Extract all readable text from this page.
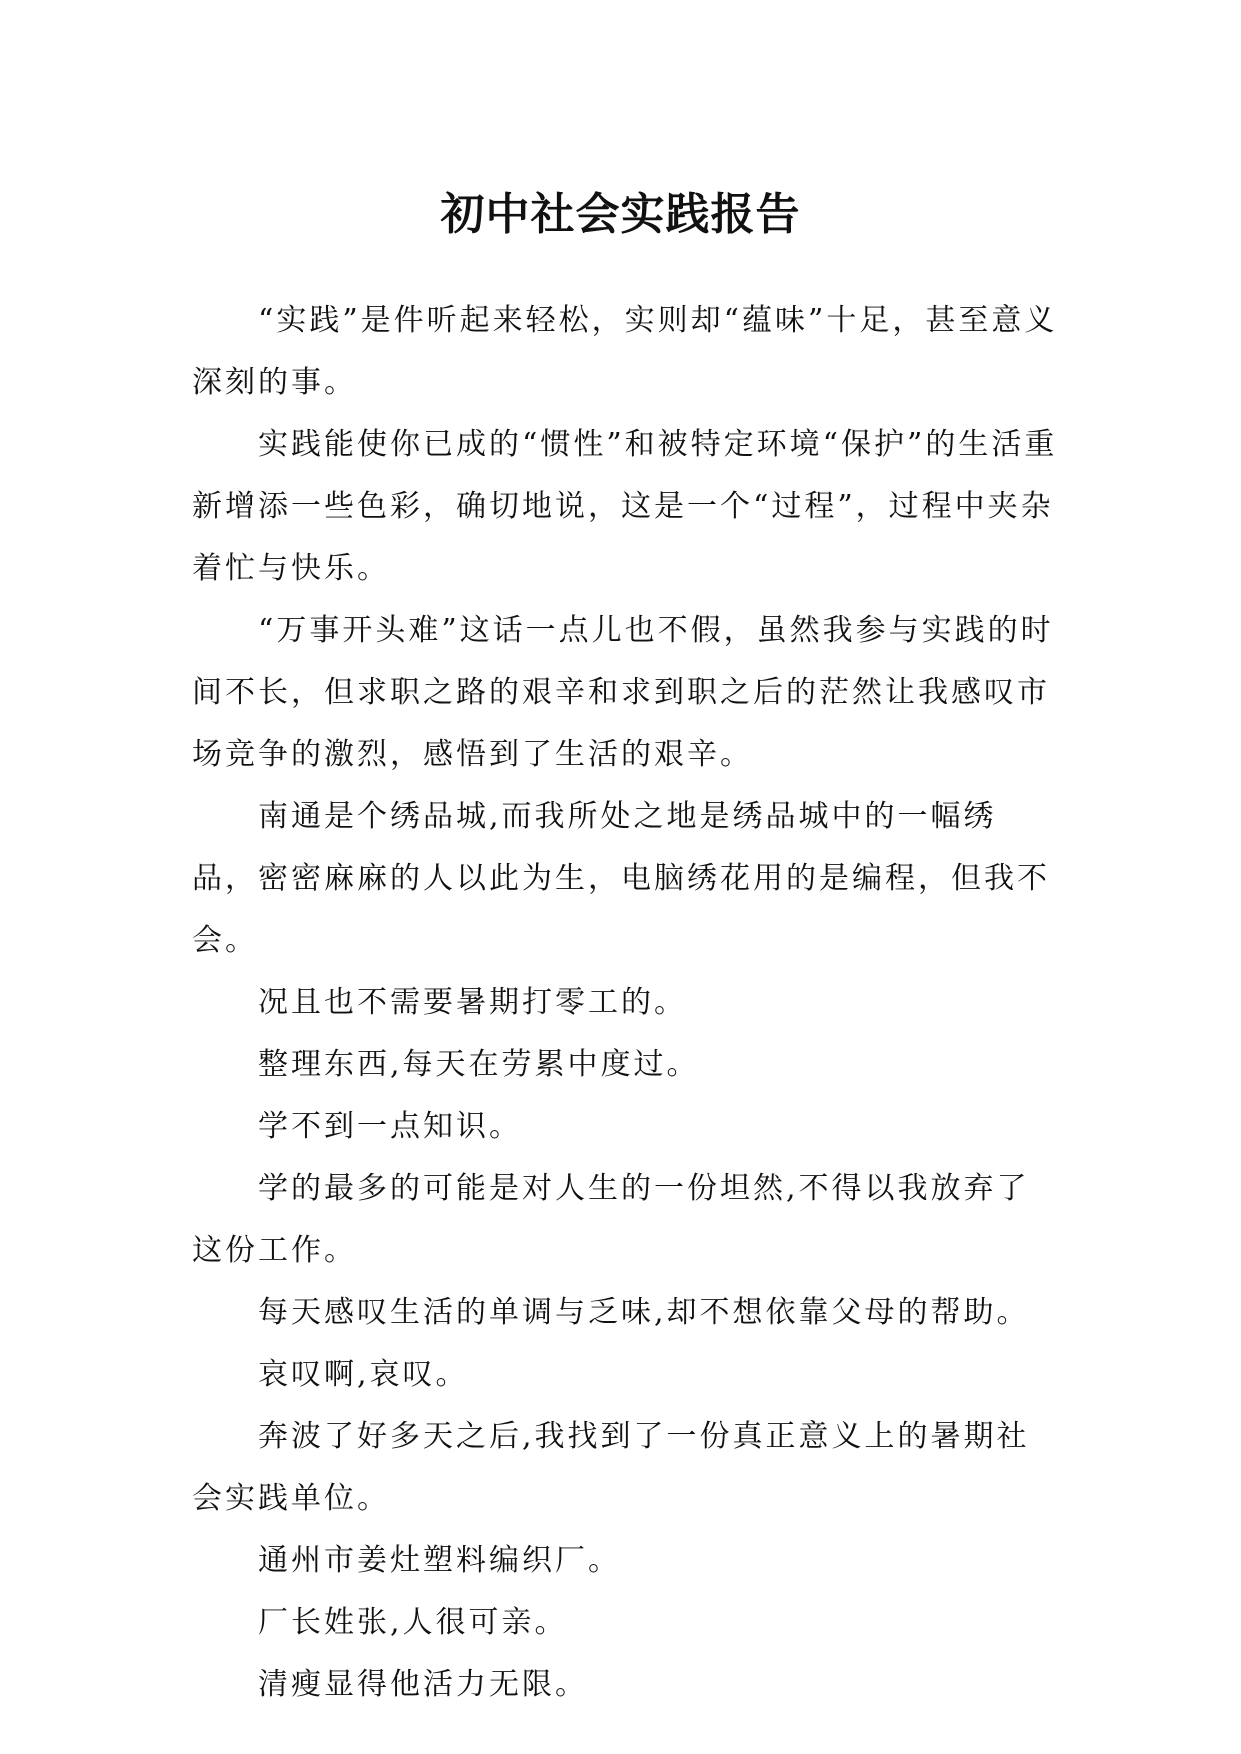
初中社会实践报告

“实践”是件听起来轻松，实则却“蕴味”十足，甚至意义深刻的事。

实践能使你已成的“惯性”和被特定环境“保护”的生活重新增添一些色彩，确切地说，这是一个“过程”，过程中夹杂着忙与快乐。

“万事开头难”这话一点儿也不假，虽然我参与实践的时间不长，但求职之路的艰辛和求到职之后的茫然让我感叹市场竞争的激烈，感悟到了生活的艰辛。

南通是个绣品城,而我所处之地是绣品城中的一幅绣品，密密麻麻的人以此为生，电脑绣花用的是编程，但我不会。

况且也不需要暑期打零工的。

整理东西,每天在劳累中度过。

学不到一点知识。

学的最多的可能是对人生的一份坦然,不得以我放弃了这份工作。

每天感叹生活的单调与乏味,却不想依靠父母的帮助。

哀叹啊,哀叹。

奔波了好多天之后,我找到了一份真正意义上的暑期社会实践单位。

通州市姜灶塑料编织厂。

厂长姓张,人很可亲。

清瘦显得他活力无限。
